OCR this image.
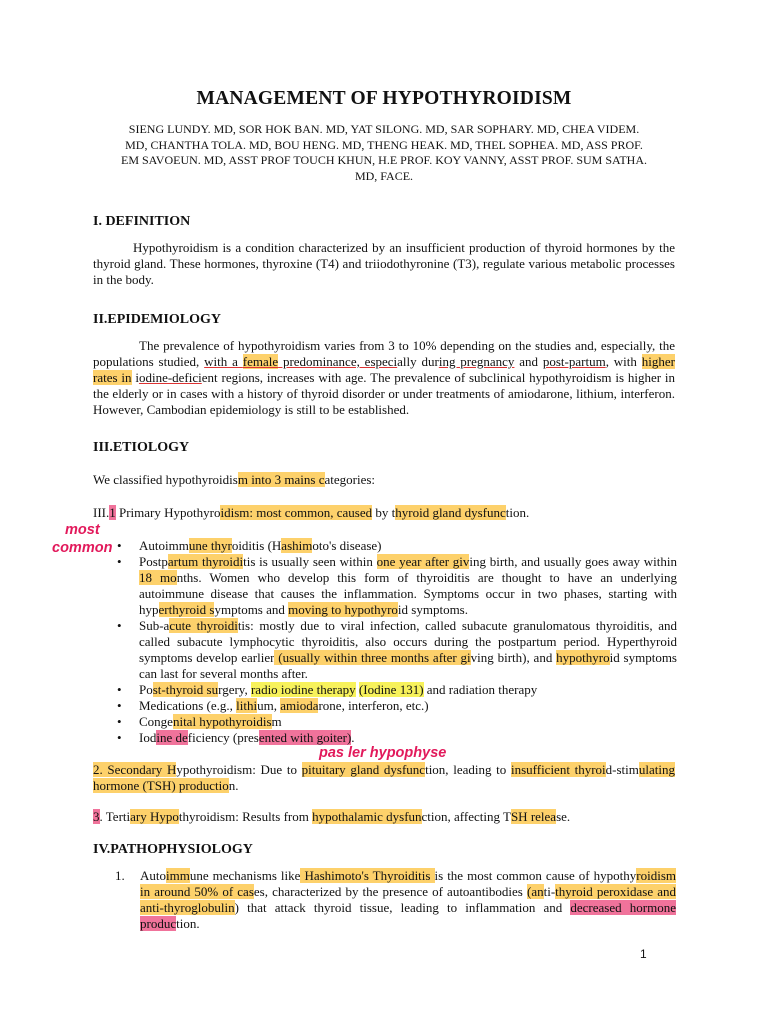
MANAGEMENT OF HYPOTHYROIDISM
SIENG LUNDY. MD, SOR HOK BAN. MD, YAT SILONG. MD, SAR SOPHARY. MD, CHEA VIDEM.
MD, CHANTHA TOLA. MD, BOU HENG. MD, THENG HEAK. MD, THEL SOPHEA. MD, ASS PROF.
EM SAVOEUN. MD, ASST PROF TOUCH KHUN, H.E PROF. KOY VANNY, ASST PROF. SUM SATHA.
MD, FACE.
I. DEFINITION
Hypothyroidism is a condition characterized by an insufficient production of thyroid hormones by the thyroid gland. These hormones, thyroxine (T4) and triiodothyronine (T3), regulate various metabolic processes in the body.
II.EPIDEMIOLOGY
The prevalence of hypothyroidism varies from 3 to 10% depending on the studies and, especially, the populations studied, with a female predominance, especially during pregnancy and post-partum, with higher rates in iodine-deficient regions, increases with age. The prevalence of subclinical hypothyroidism is higher in the elderly or in cases with a history of thyroid disorder or under treatments of amiodarone, lithium, interferon. However, Cambodian epidemiology is still to be established.
III.ETIOLOGY
We classified hypothyroidism into 3 mains categories:
III.1 Primary Hypothyroidism: most common, caused by thyroid gland dysfunction.
most
common
•	Autoimmune thyroiditis (Hashimoto's disease)
• Postpartum thyroiditis is usually seen within one year after giving birth, and usually goes away within 18 months. Women who develop this form of thyroiditis are thought to have an underlying autoimmune disease that causes the inflammation. Symptoms occur in two phases, starting with hyperthyroid symptoms and moving to hypothyroid symptoms.
• Sub-acute thyroiditis: mostly due to viral infection, called subacute granulomatous thyroiditis, and called subacute lymphocytic thyroiditis, also occurs during the postpartum period. Hyperthyroid symptoms develop earlier (usually within three months after giving birth), and hypothyroid symptoms can last for several months after.
• Post-thyroid surgery, radio iodine therapy (Iodine 131) and radiation therapy
• Medications (e.g., lithium, amiodarone, interferon, etc.)
• Congenital hypothyroidism
• Iodine deficiency (presented with goiter).
pas ler hypophyse
2. Secondary Hypothyroidism: Due to pituitary gland dysfunction, leading to insufficient thyroid-stimulating hormone (TSH) production.
3. Tertiary Hypothyroidism: Results from hypothalamic dysfunction, affecting TSH release.
IV.PATHOPHYSIOLOGY
1. Autoimmune mechanisms like Hashimoto's Thyroiditis is the most common cause of hypothyroidism in around 50% of cases, characterized by the presence of autoantibodies (anti-thyroid peroxidase and anti-thyroglobulin) that attack thyroid tissue, leading to inflammation and decreased hormone production.
1
